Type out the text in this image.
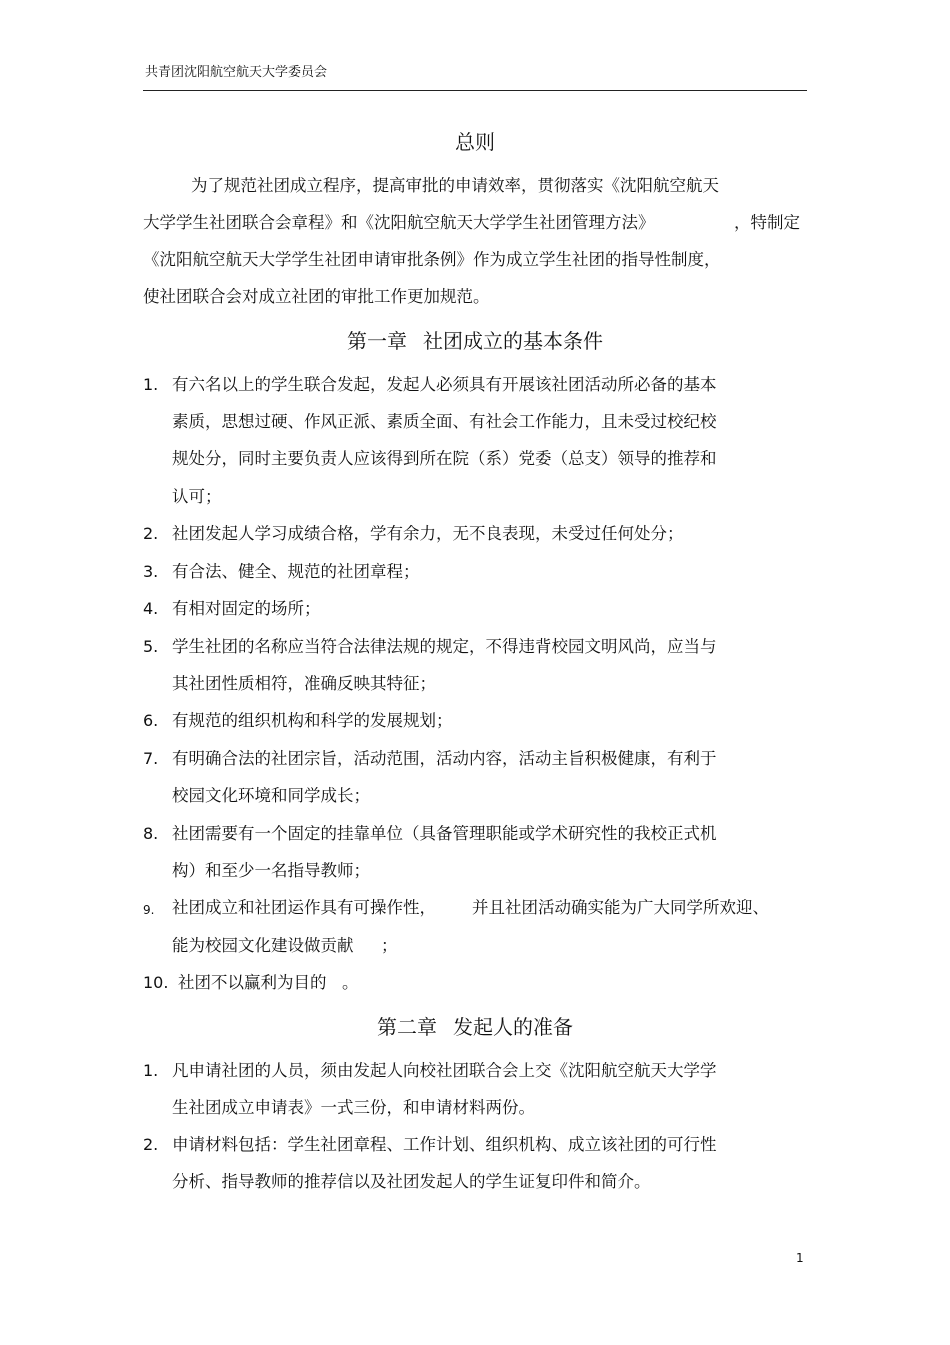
共青团沈阳航空航天大学委员会
总则
为了规范社团成立程序，提高审批的申请效率，贯彻落实《沈阳航空航天
大学学生社团联合会章程》和《沈阳航空航天大学学生社团管理方法》	，特制定
《沈阳航空航天大学学生社团申请审批条例》作为成立学生社团的指导性制度，
使社团联合会对成立社团的审批工作更加规范。
第一章 社团成立的基本条件
1. 有六名以上的学生联合发起，发起人必须具有开展该社团活动所必备的基本
素质，思想过硬、作风正派、素质全面、有社会工作能力，且未受过校纪校
规处分，同时主要负责人应该得到所在院（系）党委（总支）领导的推荐和
认可；
2. 社团发起人学习成绩合格，学有余力，无不良表现，未受过任何处分；
3. 有合法、健全、规范的社团章程；
4. 有相对固定的场所；
5. 学生社团的名称应当符合法律法规的规定，不得违背校园文明风尚，应当与
其社团性质相符，准确反映其特征；
6. 有规范的组织机构和科学的发展规划；
7. 有明确合法的社团宗旨，活动范围，活动内容，活动主旨积极健康，有利于
校园文化环境和同学成长；
8. 社团需要有一个固定的挂靠单位（具备管理职能或学术研究性的我校正式机
构）和至少一名指导教师；
9. 社团成立和社团运作具有可操作性， 并且社团活动确实能为广大同学所欢迎、
能为校园文化建设做贡献 ；
10. 社团不以赢利为目的 。
第二章 发起人的准备
1. 凡申请社团的人员，须由发起人向校社团联合会上交《沈阳航空航天大学学
生社团成立申请表》一式三份，和申请材料两份。
2. 申请材料包括：学生社团章程、工作计划、组织机构、成立该社团的可行性
分析、指导教师的推荐信以及社团发起人的学生证复印件和简介。
1
